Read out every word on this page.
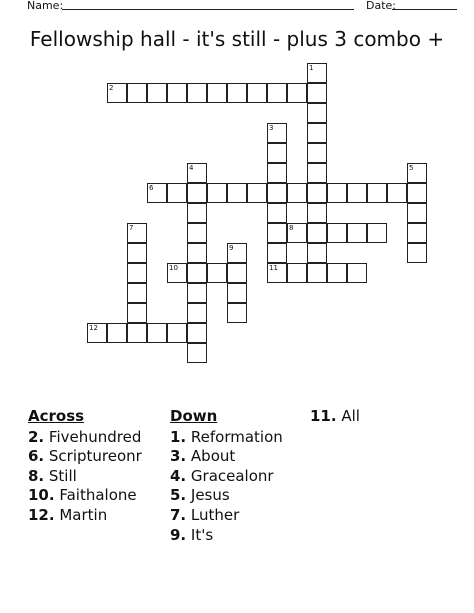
Name:	Date:
Fellowship hall - it's still - plus 3 combo +
1
2
3
4	5
6
7	8
9
10	11
12
Across
2. Fivehundred
6. Scriptureonr
8. Still
10. Faithalone
12. Martin
Down
1. Reformation
3. About
4. Gracealonr
5. Jesus
7. Luther
9. It's
11. All
